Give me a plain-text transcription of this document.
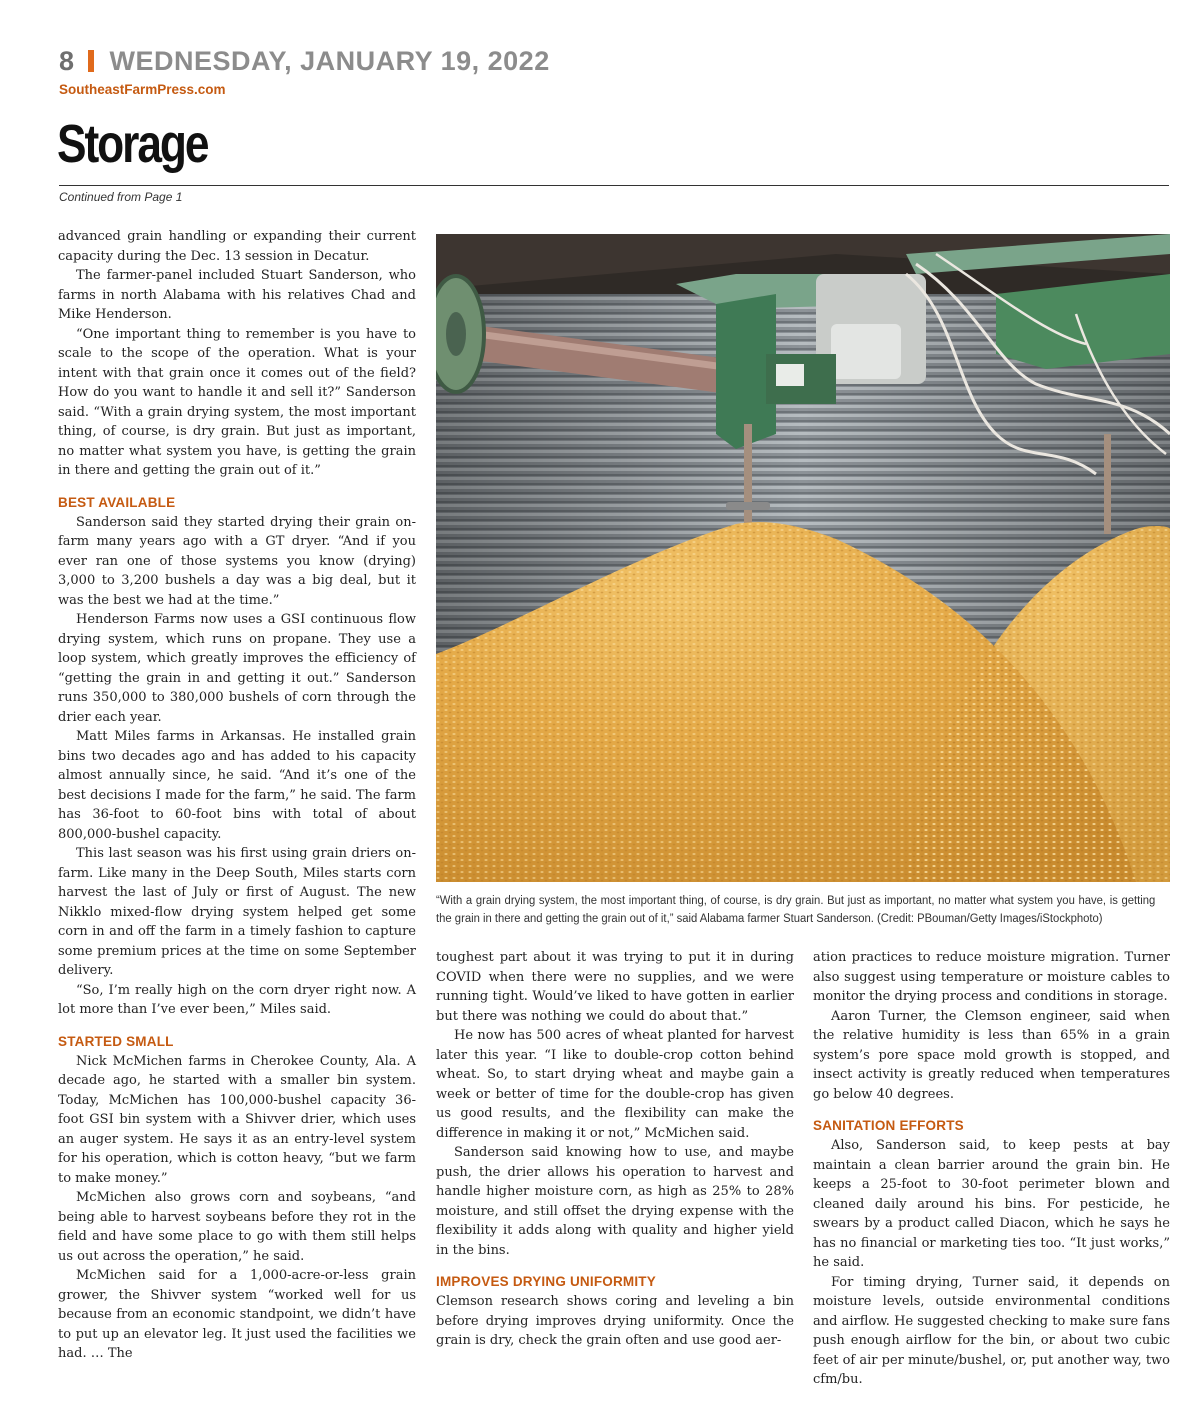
8 WEDNESDAY, JANUARY 19, 2022
SoutheastFarmPress.com
Storage
Continued from Page 1

advanced grain handling or expanding their current capacity during the Dec. 13 session in Decatur.

The farmer-panel included Stuart Sanderson, who farms in north Alabama with his relatives Chad and Mike Henderson.

“One important thing to remember is you have to scale to the scope of the operation. What is your intent with that grain once it comes out of the field? How do you want to handle it and sell it?” Sanderson said. “With a grain drying system, the most important thing, of course, is dry grain. But just as important, no matter what system you have, is getting the grain in there and getting the grain out of it.”

BEST AVAILABLE

Sanderson said they started drying their grain on-farm many years ago with a GT dryer. “And if you ever ran one of those systems you know (drying) 3,000 to 3,200 bushels a day was a big deal, but it was the best we had at the time.”

Henderson Farms now uses a GSI continuous flow drying system, which runs on propane. They use a loop system, which greatly improves the efficiency of “getting the grain in and getting it out.” Sanderson runs 350,000 to 380,000 bushels of corn through the drier each year.

Matt Miles farms in Arkansas. He installed grain bins two decades ago and has added to his capacity almost annually since, he said. “And it’s one of the best decisions I made for the farm,” he said. The farm has 36-foot to 60-foot bins with total of about 800,000-bushel capacity.

This last season was his first using grain driers on-farm. Like many in the Deep South, Miles starts corn harvest the last of July or first of August. The new Nikklo mixed-flow drying system helped get some corn in and off the farm in a timely fashion to capture some premium prices at the time on some September delivery.

“So, I’m really high on the corn dryer right now. A lot more than I’ve ever been,” Miles said.

STARTED SMALL

Nick McMichen farms in Cherokee County, Ala. A decade ago, he started with a smaller bin system. Today, McMichen has 100,000-bushel capacity 36-foot GSI bin system with a Shivver drier, which uses an auger system. He says it as an entry-level system for his operation, which is cotton heavy, “but we farm to make money.”

McMichen also grows corn and soybeans, “and being able to harvest soybeans before they rot in the field and have some place to go with them still helps us out across the operation,” he said.

McMichen said for a 1,000-acre-or-less grain grower, the Shivver system “worked well for us because from an economic standpoint, we didn’t have to put up an elevator leg. It just used the facilities we had. … The

“With a grain drying system, the most important thing, of course, is dry grain. But just as important, no matter what system you have, is getting the grain in there and getting the grain out of it,” said Alabama farmer Stuart Sanderson. (Credit: PBouman/Getty Images/iStockphoto)

toughest part about it was trying to put it in during COVID when there were no supplies, and we were running tight. Would’ve liked to have gotten in earlier but there was nothing we could do about that.”

He now has 500 acres of wheat planted for harvest later this year. “I like to double-crop cotton behind wheat. So, to start drying wheat and maybe gain a week or better of time for the double-crop has given us good results, and the flexibility can make the difference in making it or not,” McMichen said.

Sanderson said knowing how to use, and maybe push, the drier allows his operation to harvest and handle higher moisture corn, as high as 25% to 28% moisture, and still offset the drying expense with the flexibility it adds along with quality and higher yield in the bins.

IMPROVES DRYING UNIFORMITY

Clemson research shows coring and leveling a bin before drying improves drying uniformity. Once the grain is dry, check the grain often and use good aer-

ation practices to reduce moisture migration. Turner also suggest using temperature or moisture cables to monitor the drying process and conditions in storage.

Aaron Turner, the Clemson engineer, said when the relative humidity is less than 65% in a grain system’s pore space mold growth is stopped, and insect activity is greatly reduced when temperatures go below 40 degrees.

SANITATION EFFORTS

Also, Sanderson said, to keep pests at bay maintain a clean barrier around the grain bin. He keeps a 25-foot to 30-foot perimeter blown and cleaned daily around his bins. For pesticide, he swears by a product called Diacon, which he says he has no financial or marketing ties too. “It just works,” he said.

For timing drying, Turner said, it depends on moisture levels, outside environmental conditions and airflow. He suggested checking to make sure fans push enough airflow for the bin, or about two cubic feet of air per minute/bushel, or, put another way, two cfm/bu.
